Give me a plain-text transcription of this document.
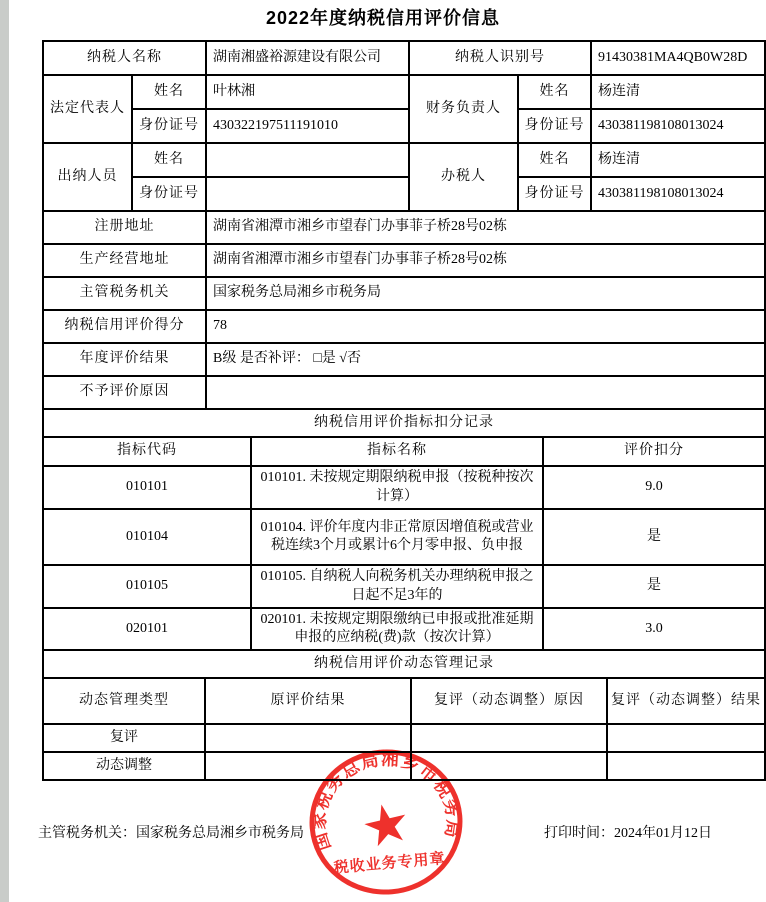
2022年度纳税信用评价信息
纳税人名称		湖南湘盛裕源建设有限公司	纳税人识别号		91430381MA4QB0W28D
法定代表人	姓名	叶林湘	财务负责人	姓名	杨连清
	身份证号	430322197511191010		身份证号	430381198108013024
出纳人员	姓名		办税人	姓名	杨连清
	身份证号			身份证号	430381198108013024
注册地址		湖南省湘潭市湘乡市望春门办事菲子桥28号02栋			
生产经营地址		湖南省湘潭市湘乡市望春门办事菲子桥28号02栋			
主管税务机关		国家税务总局湘乡市税务局			
纳税信用评价得分		78			
年度评价结果		B级 是否补评： □是 √否			
不予评价原因					
纳税信用评价指标扣分记录		
指标代码	指标名称	评价扣分
010101	010101. 未按规定期限纳税申报（按税种按次计算）	9.0
010104	010104. 评价年度内非正常原因增值税或营业税连续3个月或累计6个月零申报、负申报	是
010105	010105. 自纳税人向税务机关办理纳税申报之日起不足3年的	是
020101	020101. 未按规定期限缴纳已申报或批准延期申报的应纳税(费)款（按次计算）	3.0
纳税信用评价动态管理记录			
动态管理类型	原评价结果	复评（动态调整）原因	复评（动态调整）结果
复评			
动态调整			
主管税务机关：国家税务总局湘乡市税务局	打印时间：2024年01月12日
国家税务总局湘乡市税务局
税收业务专用章
